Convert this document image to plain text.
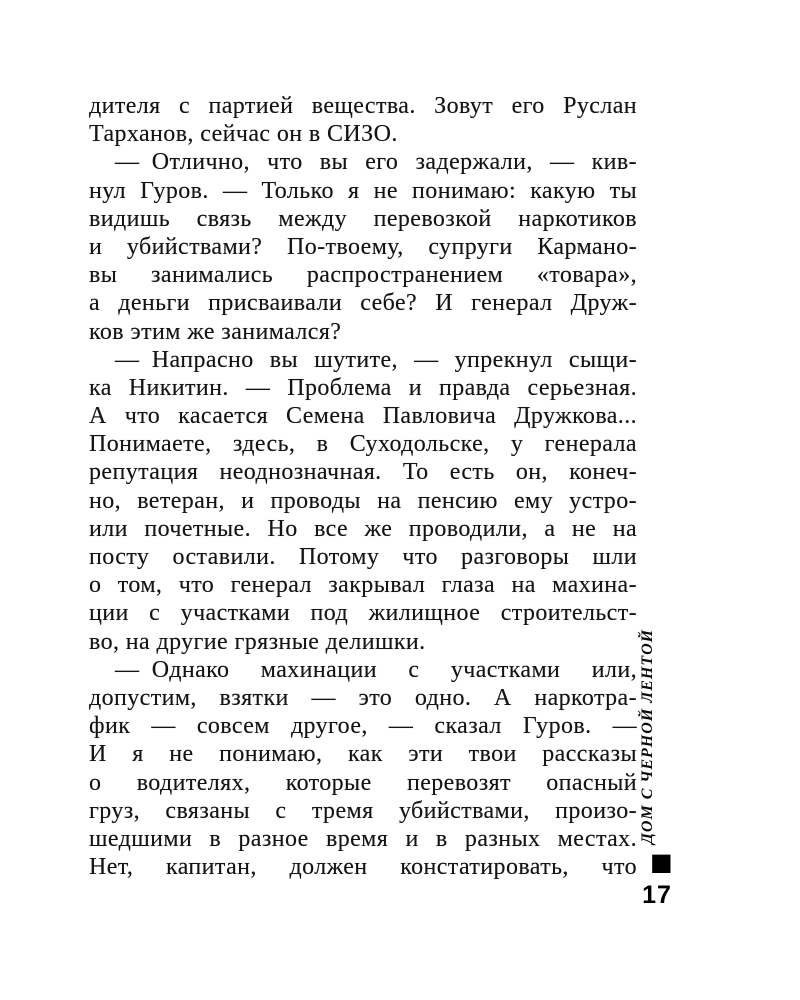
дителя с партией вещества. Зовут его Руслан
Тарханов, сейчас он в СИЗО.
— Отлично, что вы его задержали, — кив-
нул Гуров. — Только я не понимаю: какую ты
видишь связь между перевозкой наркотиков
и убийствами? По-твоему, супруги Кармано-
вы занимались распространением «товара»,
а деньги присваивали себе? И генерал Друж-
ков этим же занимался?
— Напрасно вы шутите, — упрекнул сыщи-
ка Никитин. — Проблема и правда серьезная.
А что касается Семена Павловича Дружкова...
Понимаете, здесь, в Суходольске, у генерала
репутация неоднозначная. То есть он, конеч-
но, ветеран, и проводы на пенсию ему устро-
или почетные. Но все же проводили, а не на
посту оставили. Потому что разговоры шли
о том, что генерал закрывал глаза на махина-
ции с участками под жилищное строительст-
во, на другие грязные делишки.
— Однако махинации с участками или,
допустим, взятки — это одно. А наркотра-
фик — совсем другое, — сказал Гуров. —
И я не понимаю, как эти твои рассказы
о водителях, которые перевозят опасный
груз, связаны с тремя убийствами, произо-
шедшими в разное время и в разных местах.
Нет, капитан, должен констатировать, что
ДОМ С ЧЕРНОЙ ЛЕНТОЙ
■
17
